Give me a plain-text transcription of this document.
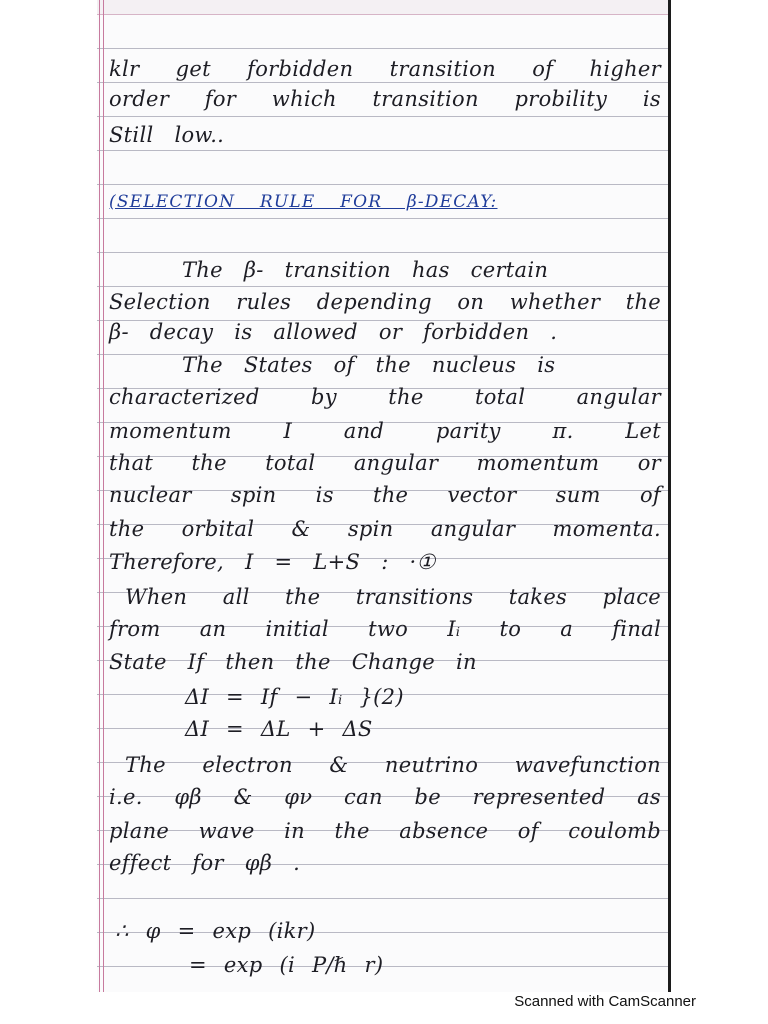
klr get forbidden transition of higher
order for which transition probility is
Still low..
(SELECTION RULE FOR β-DECAY:
The β- transition has certain
Selection rules depending on whether the
β- decay is allowed or forbidden .
The States of the nucleus is
characterized by the total angular
momentum I and parity π. Let
that the total angular momentum or
nuclear spin is the vector sum of
the orbital & spin angular momenta.
Therefore, I = L+S : ·①
When all the transitions takes place
from an initial two Iᵢ to a final
State If then the Change in
ΔI = If − Iᵢ }(2)
ΔI = ΔL + ΔS
The electron & neutrino wavefunction
i.e. φβ & φν can be represented as
plane wave in the absence of coulomb
effect for φβ .
∴ φ = exp (ikr)
= exp (i P/ℏ r)
Scanned with CamScanner
